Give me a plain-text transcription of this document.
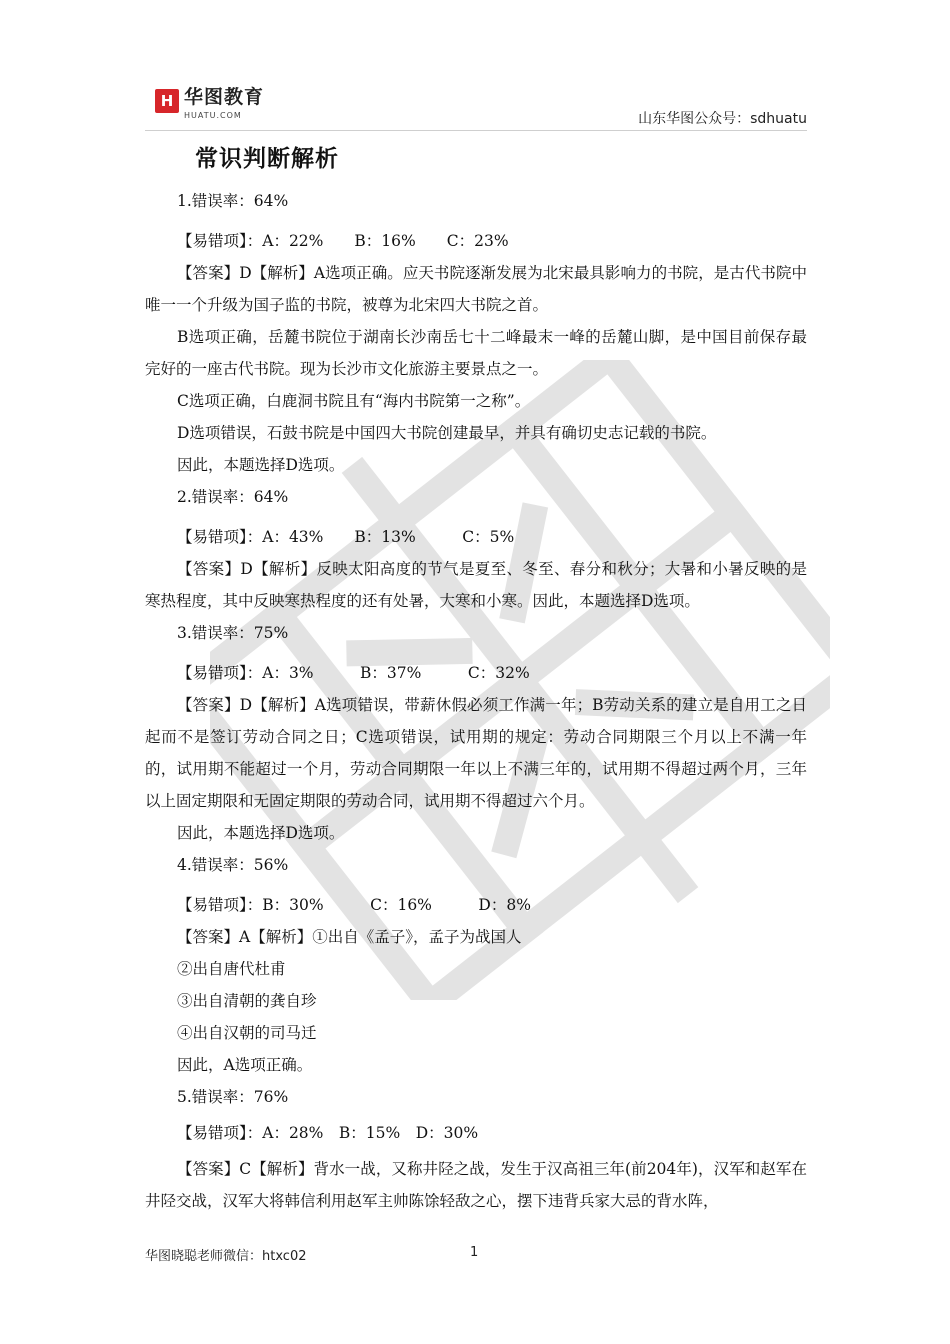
H 华图教育
HUATU.COM	山东华图公众号：sdhuatu
常识判断解析

1.错误率：64%

【易错项】：A：22%  B：16%  C：23%

【答案】D【解析】A选项正确。应天书院逐渐发展为北宋最具影响力的书院，是古代书院中唯一一个升级为国子监的书院，被尊为北宋四大书院之首。

B选项正确，岳麓书院位于湖南长沙南岳七十二峰最末一峰的岳麓山脚，是中国目前保存最完好的一座古代书院。现为长沙市文化旅游主要景点之一。

C选项正确，白鹿洞书院且有“海内书院第一之称”。

D选项错误，石鼓书院是中国四大书院创建最早，并具有确切史志记载的书院。

因此，本题选择D选项。

2.错误率：64%

【易错项】：A：43%  B：13%   C：5%

【答案】D【解析】反映太阳高度的节气是夏至、冬至、春分和秋分；大暑和小暑反映的是寒热程度，其中反映寒热程度的还有处暑，大寒和小寒。因此，本题选择D选项。

3.错误率：75%

【易错项】：A：3%   B：37%   C：32%

【答案】D【解析】A选项错误，带薪休假必须工作满一年；B劳动关系的建立是自用工之日起而不是签订劳动合同之日；C选项错误，试用期的规定：劳动合同期限三个月以上不满一年的，试用期不能超过一个月，劳动合同期限一年以上不满三年的，试用期不得超过两个月，三年以上固定期限和无固定期限的劳动合同，试用期不得超过六个月。

因此，本题选择D选项。

4.错误率：56%

【易错项】：B：30%   C：16%   D：8%

【答案】A【解析】①出自《孟子》，孟子为战国人

②出自唐代杜甫

③出自清朝的龚自珍

④出自汉朝的司马迁

因此，A选项正确。

5.错误率：76%

【易错项】：A：28% B：15% D：30%

【答案】C【解析】背水一战，又称井陉之战，发生于汉高祖三年(前204年)，汉军和赵军在井陉交战，汉军大将韩信利用赵军主帅陈馀轻敌之心，摆下违背兵家大忌的背水阵，

华图晓聪老师微信：htxc02	1
